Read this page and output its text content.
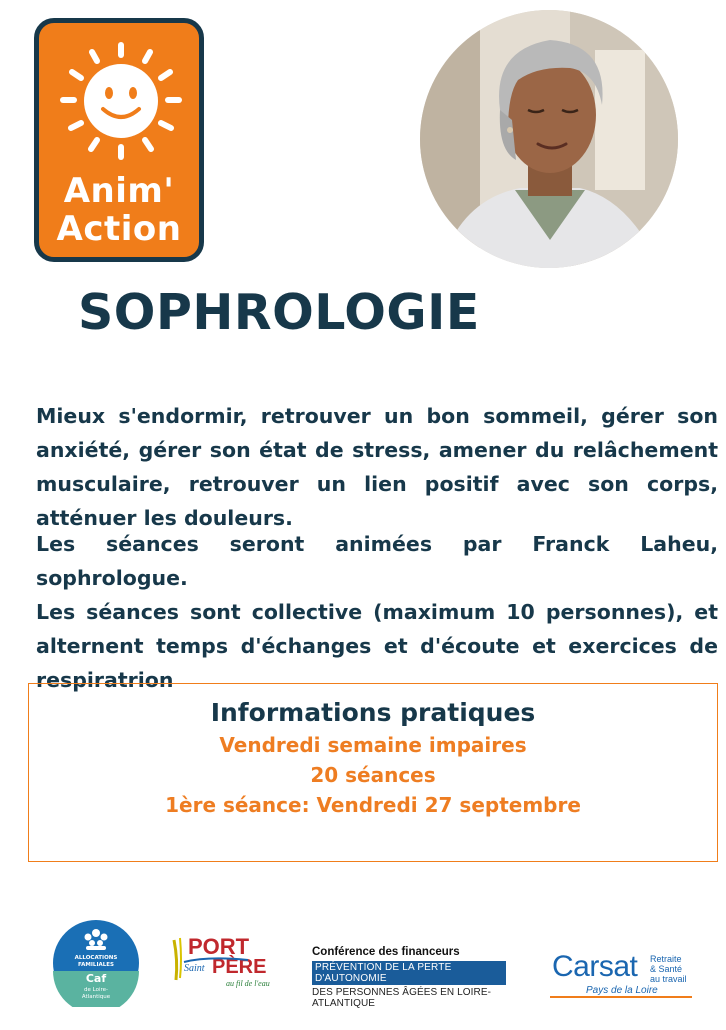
Anim'
Action
SOPHROLOGIE
Mieux s'endormir, retrouver un bon sommeil, gérer son anxiété, gérer son état de stress, amener du relâchement musculaire, retrouver un lien positif avec son corps, atténuer les douleurs.
Les séances seront animées par Franck Laheu, sophrologue.
Les séances sont collective (maximum 10 personnes), et alternent temps d'échanges et d'écoute et exercices de respiratrion
Informations pratiques
Vendredi semaine impaires
20 séances
1ère séance: Vendredi 27 septembre
ALLOCATIONS
FAMILIALES
Caf
de Loire-
Atlantique
PORT
Saint PÈRE
au fil de l'eau
Conférence des financeurs
PRÉVENTION DE LA PERTE D'AUTONOMIE
DES PERSONNES ÂGÉES EN LOIRE-ATLANTIQUE
Carsat Retraite
& Santé
au travail
Pays de la Loire
